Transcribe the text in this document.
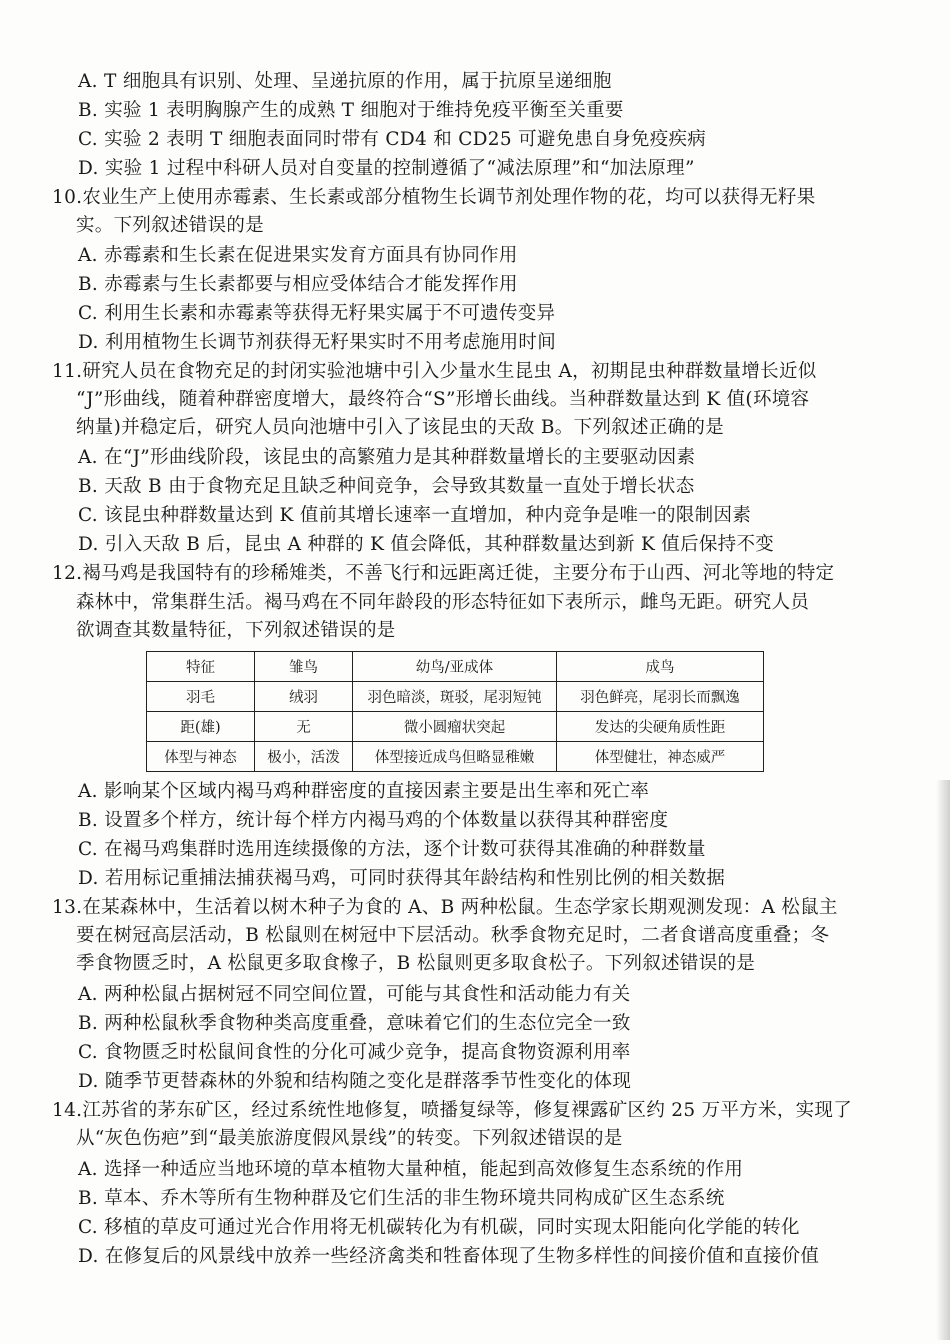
A. T 细胞具有识别、处理、呈递抗原的作用，属于抗原呈递细胞
B. 实验 1 表明胸腺产生的成熟 T 细胞对于维持免疫平衡至关重要
C. 实验 2 表明 T 细胞表面同时带有 CD4 和 CD25 可避免患自身免疫疾病
D. 实验 1 过程中科研人员对自变量的控制遵循了“减法原理”和“加法原理”
10.农业生产上使用赤霉素、生长素或部分植物生长调节剂处理作物的花，均可以获得无籽果
实。下列叙述错误的是
A. 赤霉素和生长素在促进果实发育方面具有协同作用
B. 赤霉素与生长素都要与相应受体结合才能发挥作用
C. 利用生长素和赤霉素等获得无籽果实属于不可遗传变异
D. 利用植物生长调节剂获得无籽果实时不用考虑施用时间
11.研究人员在食物充足的封闭实验池塘中引入少量水生昆虫 A，初期昆虫种群数量增长近似
“J”形曲线，随着种群密度增大，最终符合“S”形增长曲线。当种群数量达到 K 值(环境容
纳量)并稳定后，研究人员向池塘中引入了该昆虫的天敌 B。下列叙述正确的是
A. 在“J”形曲线阶段，该昆虫的高繁殖力是其种群数量增长的主要驱动因素
B. 天敌 B 由于食物充足且缺乏种间竞争，会导致其数量一直处于增长状态
C. 该昆虫种群数量达到 K 值前其增长速率一直增加，种内竞争是唯一的限制因素
D. 引入天敌 B 后，昆虫 A 种群的 K 值会降低，其种群数量达到新 K 值后保持不变
12.褐马鸡是我国特有的珍稀雉类，不善飞行和远距离迁徙，主要分布于山西、河北等地的特定
森林中，常集群生活。褐马鸡在不同年龄段的形态特征如下表所示，雌鸟无距。研究人员
欲调查其数量特征，下列叙述错误的是
特征	雏鸟	幼鸟/亚成体	成鸟
羽毛	绒羽	羽色暗淡，斑驳，尾羽短钝	羽色鲜亮，尾羽长而飘逸
距(雄)	无	微小圆瘤状突起	发达的尖硬角质性距
体型与神态	极小，活泼	体型接近成鸟但略显稚嫩	体型健壮，神态威严
A. 影响某个区域内褐马鸡种群密度的直接因素主要是出生率和死亡率
B. 设置多个样方，统计每个样方内褐马鸡的个体数量以获得其种群密度
C. 在褐马鸡集群时选用连续摄像的方法，逐个计数可获得其准确的种群数量
D. 若用标记重捕法捕获褐马鸡，可同时获得其年龄结构和性别比例的相关数据
13.在某森林中，生活着以树木种子为食的 A、B 两种松鼠。生态学家长期观测发现：A 松鼠主
要在树冠高层活动，B 松鼠则在树冠中下层活动。秋季食物充足时，二者食谱高度重叠；冬
季食物匮乏时，A 松鼠更多取食橡子，B 松鼠则更多取食松子。下列叙述错误的是
A. 两种松鼠占据树冠不同空间位置，可能与其食性和活动能力有关
B. 两种松鼠秋季食物种类高度重叠，意味着它们的生态位完全一致
C. 食物匮乏时松鼠间食性的分化可减少竞争，提高食物资源利用率
D. 随季节更替森林的外貌和结构随之变化是群落季节性变化的体现
14.江苏省的茅东矿区，经过系统性地修复，喷播复绿等，修复裸露矿区约 25 万平方米，实现了
从“灰色伤疤”到“最美旅游度假风景线”的转变。下列叙述错误的是
A. 选择一种适应当地环境的草本植物大量种植，能起到高效修复生态系统的作用
B. 草本、乔木等所有生物种群及它们生活的非生物环境共同构成矿区生态系统
C. 移植的草皮可通过光合作用将无机碳转化为有机碳，同时实现太阳能向化学能的转化
D. 在修复后的风景线中放养一些经济禽类和牲畜体现了生物多样性的间接价值和直接价值
